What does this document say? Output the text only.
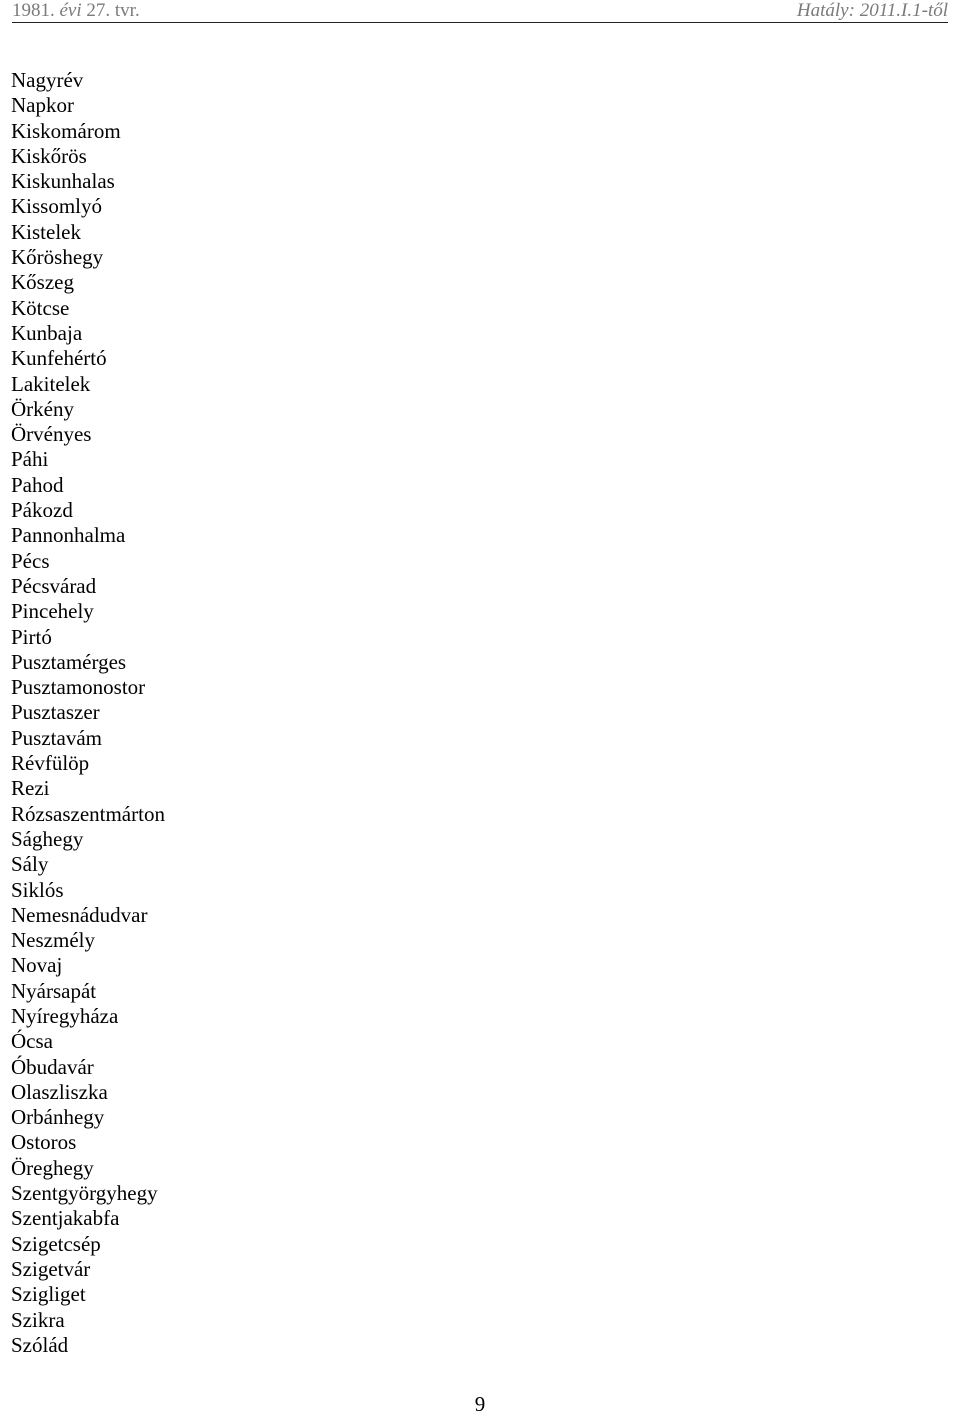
1981. évi 27. tvr.	Hatály: 2011.I.1-től
Nagyrév
Napkor
Kiskomárom
Kiskőrös
Kiskunhalas
Kissomlyó
Kistelek
Kőröshegy
Kőszeg
Kötcse
Kunbaja
Kunfehértó
Lakitelek
Örkény
Örvényes
Páhi
Pahod
Pákozd
Pannonhalma
Pécs
Pécsvárad
Pincehely
Pirtó
Pusztamérges
Pusztamonostor
Pusztaszer
Pusztavám
Révfülöp
Rezi
Rózsaszentmárton
Sághegy
Sály
Siklós
Nemesnádudvar
Neszmély
Novaj
Nyársapát
Nyíregyháza
Ócsa
Óbudavár
Olaszliszka
Orbánhegy
Ostoros
Öreghegy
Szentgyörgyhegy
Szentjakabfa
Szigetcsép
Szigetvár
Szigliget
Szikra
Szólád
9
